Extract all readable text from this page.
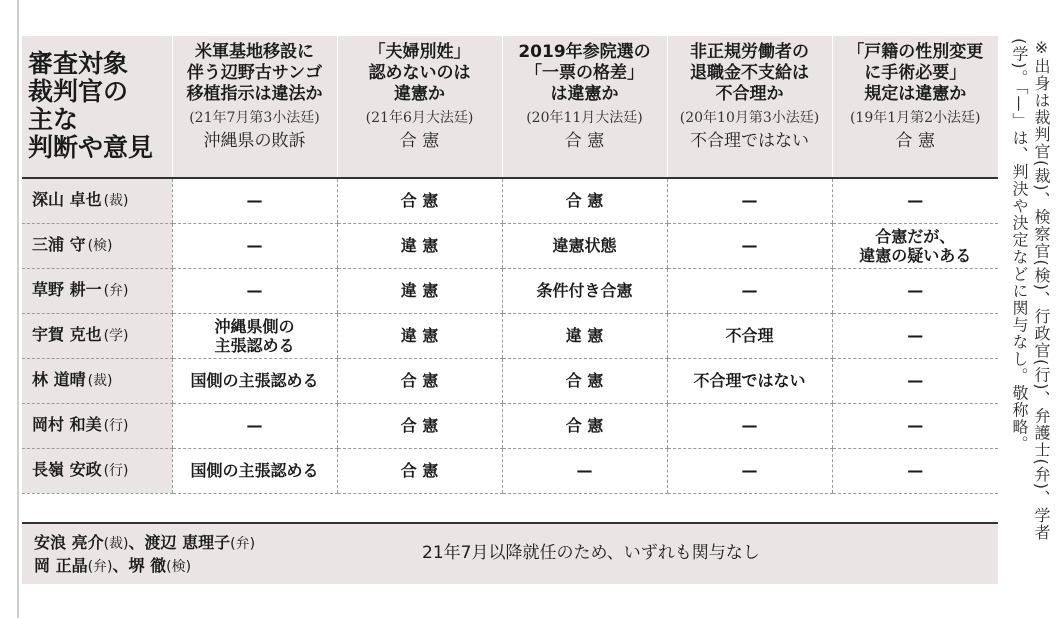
審査対象
裁判官の
主な
判断や意見	米軍基地移設に
伴う辺野古サンゴ
移植指示は違法か
(21年7月第3小法廷)
沖縄県の敗訴	「夫婦別姓」
認めないのは
違憲か
(21年6月大法廷)
合 憲	2019年参院選の
「一票の格差」
は違憲か
(20年11月大法廷)
合 憲	非正規労働者の
退職金不支給は
不合理か
(20年10月第3小法廷)
不合理ではない	「戸籍の性別変更
に手術必要」
規定は違憲か
(19年1月第2小法廷)
合 憲

深山 卓也 (裁)	—	合 憲	合 憲	—	—
三浦 守 (検)	—	違 憲	違憲状態	—	合憲だが、
違憲の疑いある
草野 耕一 (弁)	—	違 憲	条件付き合憲	—	—
宇賀 克也 (学)	沖縄県側の
主張認める	違 憲	違 憲	不合理	—
林 道晴 (裁)	国側の主張認める	合 憲	合 憲	不合理ではない	—
岡村 和美 (行)	—	合 憲	合 憲	—	—
長嶺 安政 (行)	国側の主張認める	合 憲	—	—	—
安浪 亮介(裁)、渡辺 恵理子(弁)
岡 正晶(弁)、堺 徹(検)
21年7月以降就任のため、いずれも関与なし
※出身は裁判官(裁)、検察官(検)、行政官(行)、弁護士(弁)、学者(学)。「—」は、判決や決定などに関与なし。敬称略。
